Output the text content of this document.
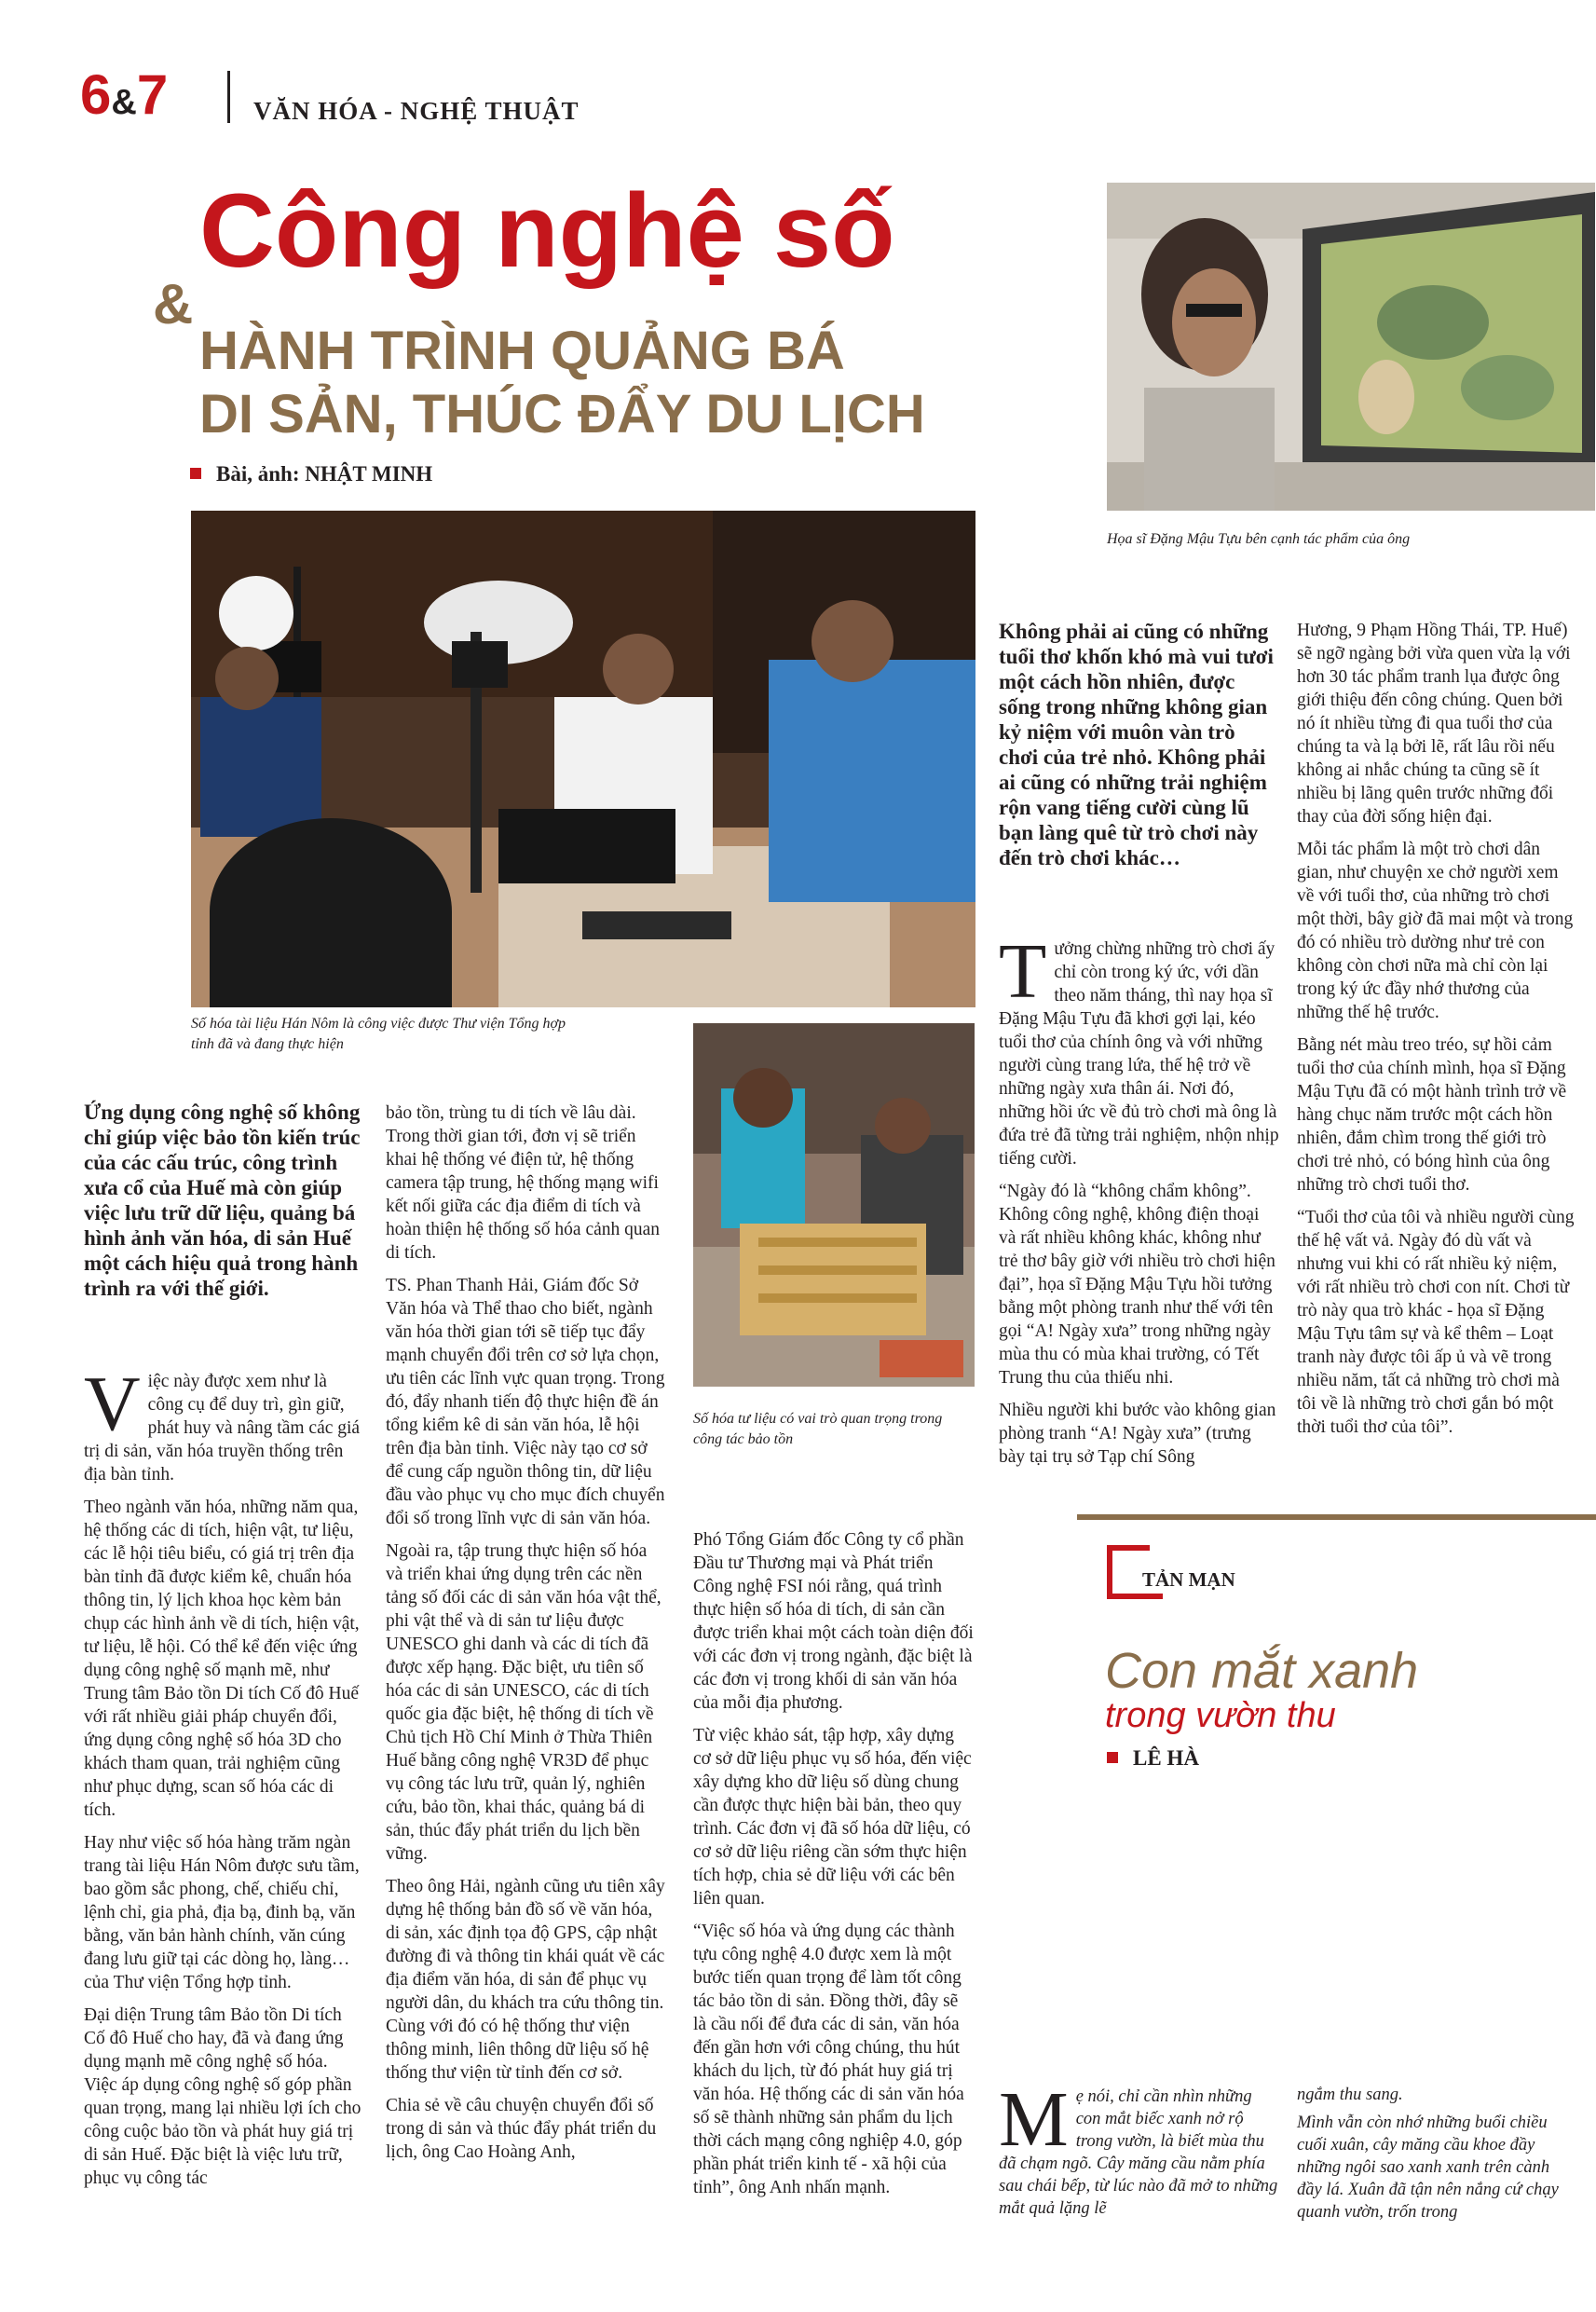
6&7	VĂN HÓA - NGHỆ THUẬT
&
Công nghệ số
HÀNH TRÌNH QUẢNG BÁ
DI SẢN, THÚC ĐẨY DU LỊCH
Bài, ảnh: NHẬT MINH
Số hóa tài liệu Hán Nôm là công việc được Thư viện Tổng hợp tỉnh đã và đang thực hiện
Họa sĩ Đặng Mậu Tựu bên cạnh tác phẩm của ông
Số hóa tư liệu có vai trò quan trọng trong công tác bảo tồn
Ứng dụng công nghệ số không chỉ giúp việc bảo tồn kiến trúc của các cấu trúc, công trình xưa cổ của Huế mà còn giúp việc lưu trữ dữ liệu, quảng bá hình ảnh văn hóa, di sản Huế một cách hiệu quả trong hành trình ra với thế giới.

Việc này được xem như là công cụ để duy trì, gìn giữ, phát huy và nâng tầm các giá trị di sản, văn hóa truyền thống trên địa bàn tỉnh.

Theo ngành văn hóa, những năm qua, hệ thống các di tích, hiện vật, tư liệu, các lễ hội tiêu biểu, có giá trị trên địa bàn tỉnh đã được kiểm kê, chuẩn hóa thông tin, lý lịch khoa học kèm bản chụp các hình ảnh về di tích, hiện vật, tư liệu, lễ hội. Có thể kể đến việc ứng dụng công nghệ số mạnh mẽ, như Trung tâm Bảo tồn Di tích Cố đô Huế với rất nhiều giải pháp chuyển đổi, ứng dụng công nghệ số hóa 3D cho khách tham quan, trải nghiệm cũng như phục dựng, scan số hóa các di tích.

Hay như việc số hóa hàng trăm ngàn trang tài liệu Hán Nôm được sưu tầm, bao gồm sắc phong, chế, chiếu chỉ, lệnh chỉ, gia phả, địa bạ, đinh bạ, văn bằng, văn bản hành chính, văn cúng đang lưu giữ tại các dòng họ, làng… của Thư viện Tổng hợp tỉnh.

Đại diện Trung tâm Bảo tồn Di tích Cố đô Huế cho hay, đã và đang ứng dụng mạnh mẽ công nghệ số hóa. Việc áp dụng công nghệ số góp phần quan trọng, mang lại nhiều lợi ích cho công cuộc bảo tồn và phát huy giá trị di sản Huế. Đặc biệt là việc lưu trữ, phục vụ công tác

bảo tồn, trùng tu di tích về lâu dài. Trong thời gian tới, đơn vị sẽ triển khai hệ thống vé điện tử, hệ thống camera tập trung, hệ thống mạng wifi kết nối giữa các địa điểm di tích và hoàn thiện hệ thống số hóa cảnh quan di tích.

TS. Phan Thanh Hải, Giám đốc Sở Văn hóa và Thể thao cho biết, ngành văn hóa thời gian tới sẽ tiếp tục đẩy mạnh chuyển đổi trên cơ sở lựa chọn, ưu tiên các lĩnh vực quan trọng. Trong đó, đẩy nhanh tiến độ thực hiện đề án tổng kiểm kê di sản văn hóa, lễ hội trên địa bàn tỉnh. Việc này tạo cơ sở để cung cấp nguồn thông tin, dữ liệu đầu vào phục vụ cho mục đích chuyển đổi số trong lĩnh vực di sản văn hóa.

Ngoài ra, tập trung thực hiện số hóa và triển khai ứng dụng trên các nền tảng số đối các di sản văn hóa vật thể, phi vật thể và di sản tư liệu được UNESCO ghi danh và các di tích đã được xếp hạng. Đặc biệt, ưu tiên số hóa các di sản UNESCO, các di tích quốc gia đặc biệt, hệ thống di tích về Chủ tịch Hồ Chí Minh ở Thừa Thiên Huế bằng công nghệ VR3D để phục vụ công tác lưu trữ, quản lý, nghiên cứu, bảo tồn, khai thác, quảng bá di sản, thúc đẩy phát triển du lịch bền vững.

Theo ông Hải, ngành cũng ưu tiên xây dựng hệ thống bản đồ số về văn hóa, di sản, xác định tọa độ GPS, cập nhật đường đi và thông tin khái quát về các địa điểm văn hóa, di sản để phục vụ người dân, du khách tra cứu thông tin. Cùng với đó có hệ thống thư viện thông minh, liên thông dữ liệu số hệ thống thư viện từ tỉnh đến cơ sở.

Chia sẻ về câu chuyện chuyển đổi số trong di sản và thúc đẩy phát triển du lịch, ông Cao Hoàng Anh,

Phó Tổng Giám đốc Công ty cổ phần Đầu tư Thương mại và Phát triển Công nghệ FSI nói rằng, quá trình thực hiện số hóa di tích, di sản cần được triển khai một cách toàn diện đối với các đơn vị trong ngành, đặc biệt là các đơn vị trong khối di sản văn hóa của mỗi địa phương.

Từ việc khảo sát, tập hợp, xây dựng cơ sở dữ liệu phục vụ số hóa, đến việc xây dựng kho dữ liệu số dùng chung cần được thực hiện bài bản, theo quy trình. Các đơn vị đã số hóa dữ liệu, có cơ sở dữ liệu riêng cần sớm thực hiện tích hợp, chia sẻ dữ liệu với các bên liên quan.

“Việc số hóa và ứng dụng các thành tựu công nghệ 4.0 được xem là một bước tiến quan trọng để làm tốt công tác bảo tồn di sản. Đồng thời, đây sẽ là cầu nối để đưa các di sản, văn hóa đến gần hơn với công chúng, thu hút khách du lịch, từ đó phát huy giá trị văn hóa. Hệ thống các di sản văn hóa số sẽ thành những sản phẩm du lịch thời cách mạng công nghiệp 4.0, góp phần phát triển kinh tế - xã hội của tỉnh”, ông Anh nhấn mạnh.

Không phải ai cũng có những tuổi thơ khốn khó mà vui tươi một cách hồn nhiên, được sống trong những không gian kỷ niệm với muôn vàn trò chơi của trẻ nhỏ. Không phải ai cũng có những trải nghiệm rộn vang tiếng cười cùng lũ bạn làng quê từ trò chơi này đến trò chơi khác…

Tưởng chừng những trò chơi ấy chỉ còn trong ký ức, với dần theo năm tháng, thì nay họa sĩ Đặng Mậu Tựu đã khơi gợi lại, kéo tuổi thơ của chính ông và với những người cùng trang lứa, thế hệ trở về những ngày xưa thân ái. Nơi đó, những hồi ức về đủ trò chơi mà ông là đứa trẻ đã từng trải nghiệm, nhộn nhịp tiếng cười.

“Ngày đó là “không chẩm không”. Không công nghệ, không điện thoại và rất nhiều không khác, không như trẻ thơ bây giờ với nhiều trò chơi hiện đại”, họa sĩ Đặng Mậu Tựu hồi tưởng bằng một phòng tranh như thế với tên gọi “A! Ngày xưa” trong những ngày mùa thu có mùa khai trường, có Tết Trung thu của thiếu nhi.

Nhiều người khi bước vào không gian phòng tranh “A! Ngày xưa” (trưng bày tại trụ sở Tạp chí Sông

Hương, 9 Phạm Hồng Thái, TP. Huế) sẽ ngỡ ngàng bởi vừa quen vừa lạ với hơn 30 tác phẩm tranh lụa được ông giới thiệu đến công chúng. Quen bởi nó ít nhiều từng đi qua tuổi thơ của chúng ta và lạ bởi lẽ, rất lâu rồi nếu không ai nhắc chúng ta cũng sẽ ít nhiều bị lãng quên trước những đổi thay của đời sống hiện đại.

Mỗi tác phẩm là một trò chơi dân gian, như chuyện xe chở người xem về với tuổi thơ, của những trò chơi một thời, bây giờ đã mai một và trong đó có nhiều trò dường như trẻ con không còn chơi nữa mà chỉ còn lại trong ký ức đầy nhớ thương của những thế hệ trước.

Bằng nét màu treo tréo, sự hồi cảm tuổi thơ của chính mình, họa sĩ Đặng Mậu Tựu đã có một hành trình trở về hàng chục năm trước một cách hồn nhiên, đắm chìm trong thế giới trò chơi trẻ nhỏ, có bóng hình của ông những trò chơi tuổi thơ.

“Tuổi thơ của tôi và nhiều người cùng thế hệ vất vả. Ngày đó dù vất và nhưng vui khi có rất nhiều kỷ niệm, với rất nhiều trò chơi con nít. Chơi từ trò này qua trò khác - họa sĩ Đặng Mậu Tựu tâm sự và kể thêm – Loạt tranh này được tôi ấp ủ và vẽ trong nhiều năm, tất cả những trò chơi mà tôi về là những trò chơi gắn bó một thời tuổi thơ của tôi”.

TẢN MẠN
Con mắt xanh
trong vườn thu
LÊ HÀ

Mẹ nói, chỉ cần nhìn những con mắt biếc xanh nở rộ trong vườn, là biết mùa thu đã chạm ngõ. Cây măng cầu nằm phía sau chái bếp, từ lúc nào đã mở to những mắt quả lặng lẽ

ngắm thu sang.

Mình vẫn còn nhớ những buổi chiều cuối xuân, cây măng cầu khoe đầy những ngôi sao xanh xanh trên cành đầy lá. Xuân đã tận nên nắng cứ chạy quanh vườn, trốn trong
